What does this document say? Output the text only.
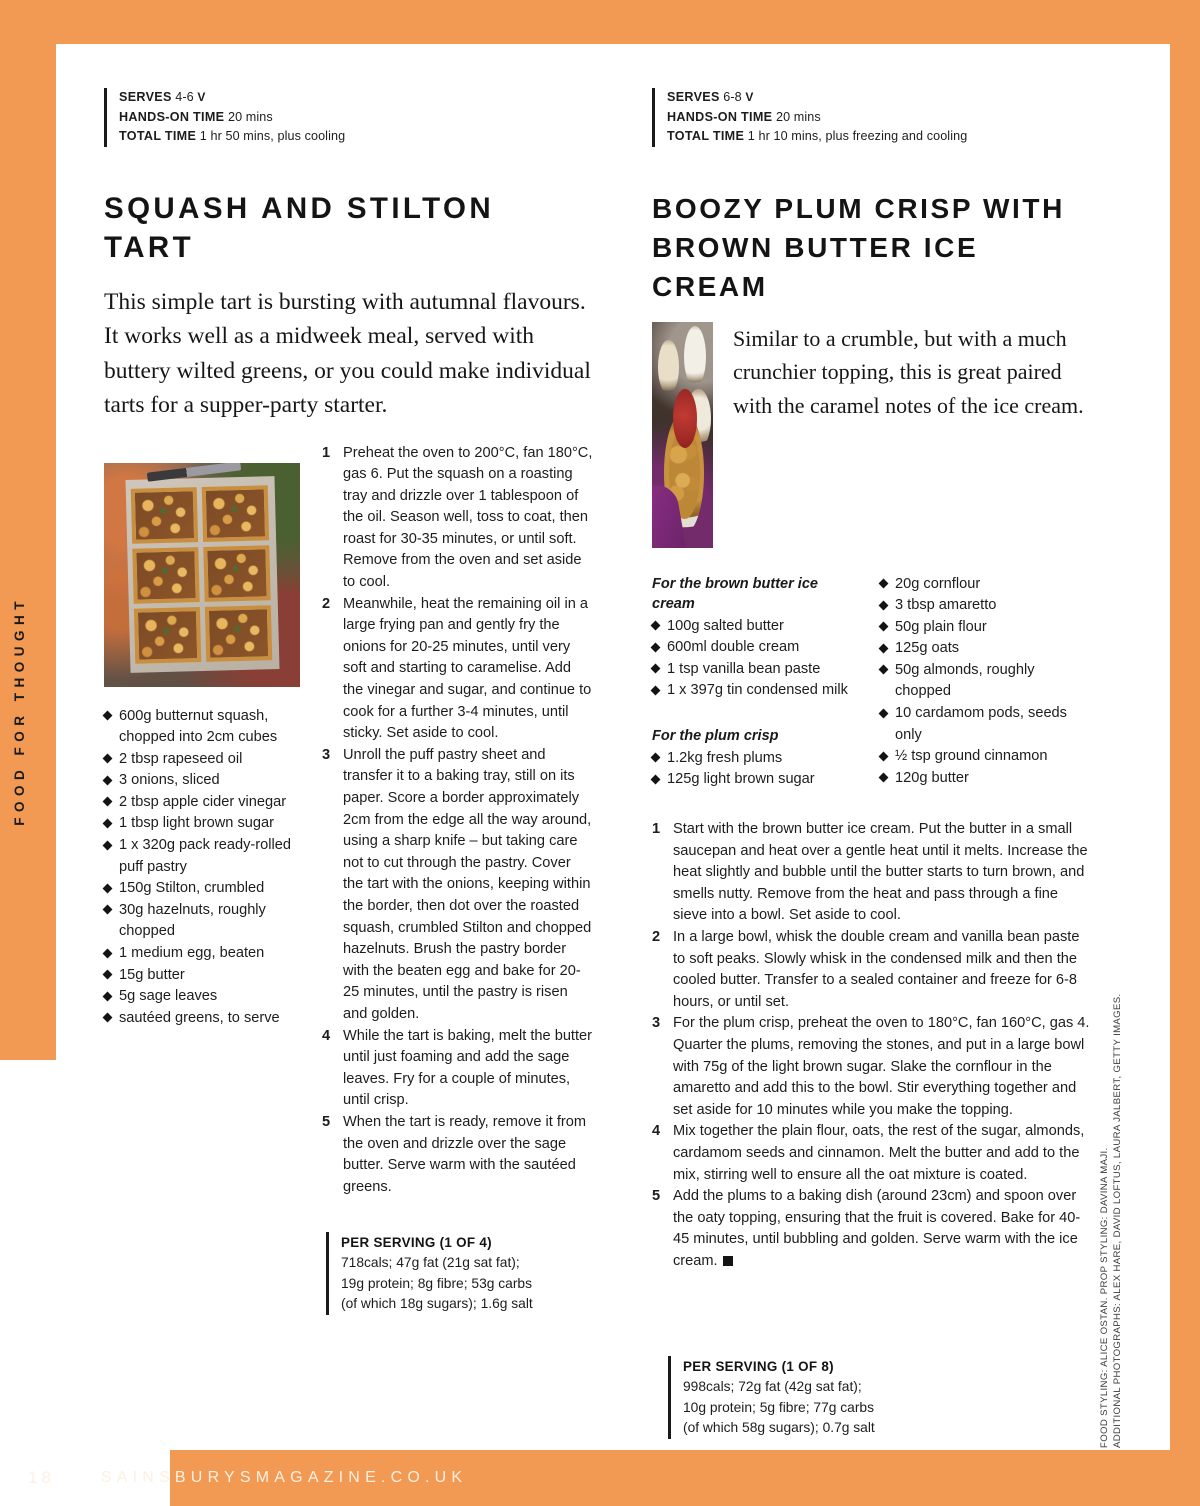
FOOD FOR THOUGHT
SERVES 4-6 V
HANDS-ON TIME 20 mins
TOTAL TIME 1 hr 50 mins, plus cooling
SQUASH AND STILTON TART

This simple tart is bursting with autumnal flavours. It works well as a midweek meal, served with buttery wilted greens, or you could make individual tarts for a supper-party starter.

600g butternut squash, chopped into 2cm cubes
2 tbsp rapeseed oil
3 onions, sliced
2 tbsp apple cider vinegar
1 tbsp light brown sugar
1 x 320g pack ready-rolled puff pastry
150g Stilton, crumbled
30g hazelnuts, roughly chopped
1 medium egg, beaten
15g butter
5g sage leaves
sautéed greens, to serve
1 Preheat the oven to 200°C, fan 180°C, gas 6. Put the squash on a roasting tray and drizzle over 1 tablespoon of the oil. Season well, toss to coat, then roast for 30-35 minutes, or until soft. Remove from the oven and set aside to cool.
2 Meanwhile, heat the remaining oil in a large frying pan and gently fry the onions for 20-25 minutes, until very soft and starting to caramelise. Add the vinegar and sugar, and continue to cook for a further 3-4 minutes, until sticky. Set aside to cool.
3 Unroll the puff pastry sheet and transfer it to a baking tray, still on its paper. Score a border approximately 2cm from the edge all the way around, using a sharp knife – but taking care not to cut through the pastry. Cover the tart with the onions, keeping within the border, then dot over the roasted squash, crumbled Stilton and chopped hazelnuts. Brush the pastry border with the beaten egg and bake for 20-25 minutes, until the pastry is risen and golden.
4 While the tart is baking, melt the butter until just foaming and add the sage leaves. Fry for a couple of minutes, until crisp.
5 When the tart is ready, remove it from the oven and drizzle over the sage butter. Serve warm with the sautéed greens.
PER SERVING (1 OF 4)
718cals; 47g fat (21g sat fat);
19g protein; 8g fibre; 53g carbs
(of which 18g sugars); 1.6g salt
SERVES 6-8 V
HANDS-ON TIME 20 mins
TOTAL TIME 1 hr 10 mins, plus freezing and cooling
BOOZY PLUM CRISP WITH
BROWN BUTTER ICE CREAM

Similar to a crumble, but with a much crunchier topping, this is great paired with the caramel notes of the ice cream.

For the brown butter ice cream
100g salted butter
600ml double cream
1 tsp vanilla bean paste
1 x 397g tin condensed milk
For the plum crisp
1.2kg fresh plums
125g light brown sugar
20g cornflour
3 tbsp amaretto
50g plain flour
125g oats
50g almonds, roughly chopped
10 cardamom pods, seeds only
½ tsp ground cinnamon
120g butter
1 Start with the brown butter ice cream. Put the butter in a small saucepan and heat over a gentle heat until it melts. Increase the heat slightly and bubble until the butter starts to turn brown, and smells nutty. Remove from the heat and pass through a fine sieve into a bowl. Set aside to cool.
2 In a large bowl, whisk the double cream and vanilla bean paste to soft peaks. Slowly whisk in the condensed milk and then the cooled butter. Transfer to a sealed container and freeze for 6-8 hours, or until set.
3 For the plum crisp, preheat the oven to 180°C, fan 160°C, gas 4. Quarter the plums, removing the stones, and put in a large bowl with 75g of the light brown sugar. Slake the cornflour in the amaretto and add this to the bowl. Stir everything together and set aside for 10 minutes while you make the topping.
4 Mix together the plain flour, oats, the rest of the sugar, almonds, cardamom seeds and cinnamon. Melt the butter and add to the mix, stirring well to ensure all the oat mixture is coated.
5 Add the plums to a baking dish (around 23cm) and spoon over the oaty topping, ensuring that the fruit is covered. Bake for 40-45 minutes, until bubbling and golden. Serve warm with the ice cream.
PER SERVING (1 OF 8)
998cals; 72g fat (42g sat fat);
10g protein; 5g fibre; 77g carbs
(of which 58g sugars); 0.7g salt	FOOD STYLING: ALICE OSTAN. PROP STYLING: DAVINA MAJI. ADDITIONAL PHOTOGRAPHS: ALEX HARE, DAVID LOFTUS, LAURA JALBERT, GETTY IMAGES.
18	SAINSBURYSMAGAZINE.CO.UK
